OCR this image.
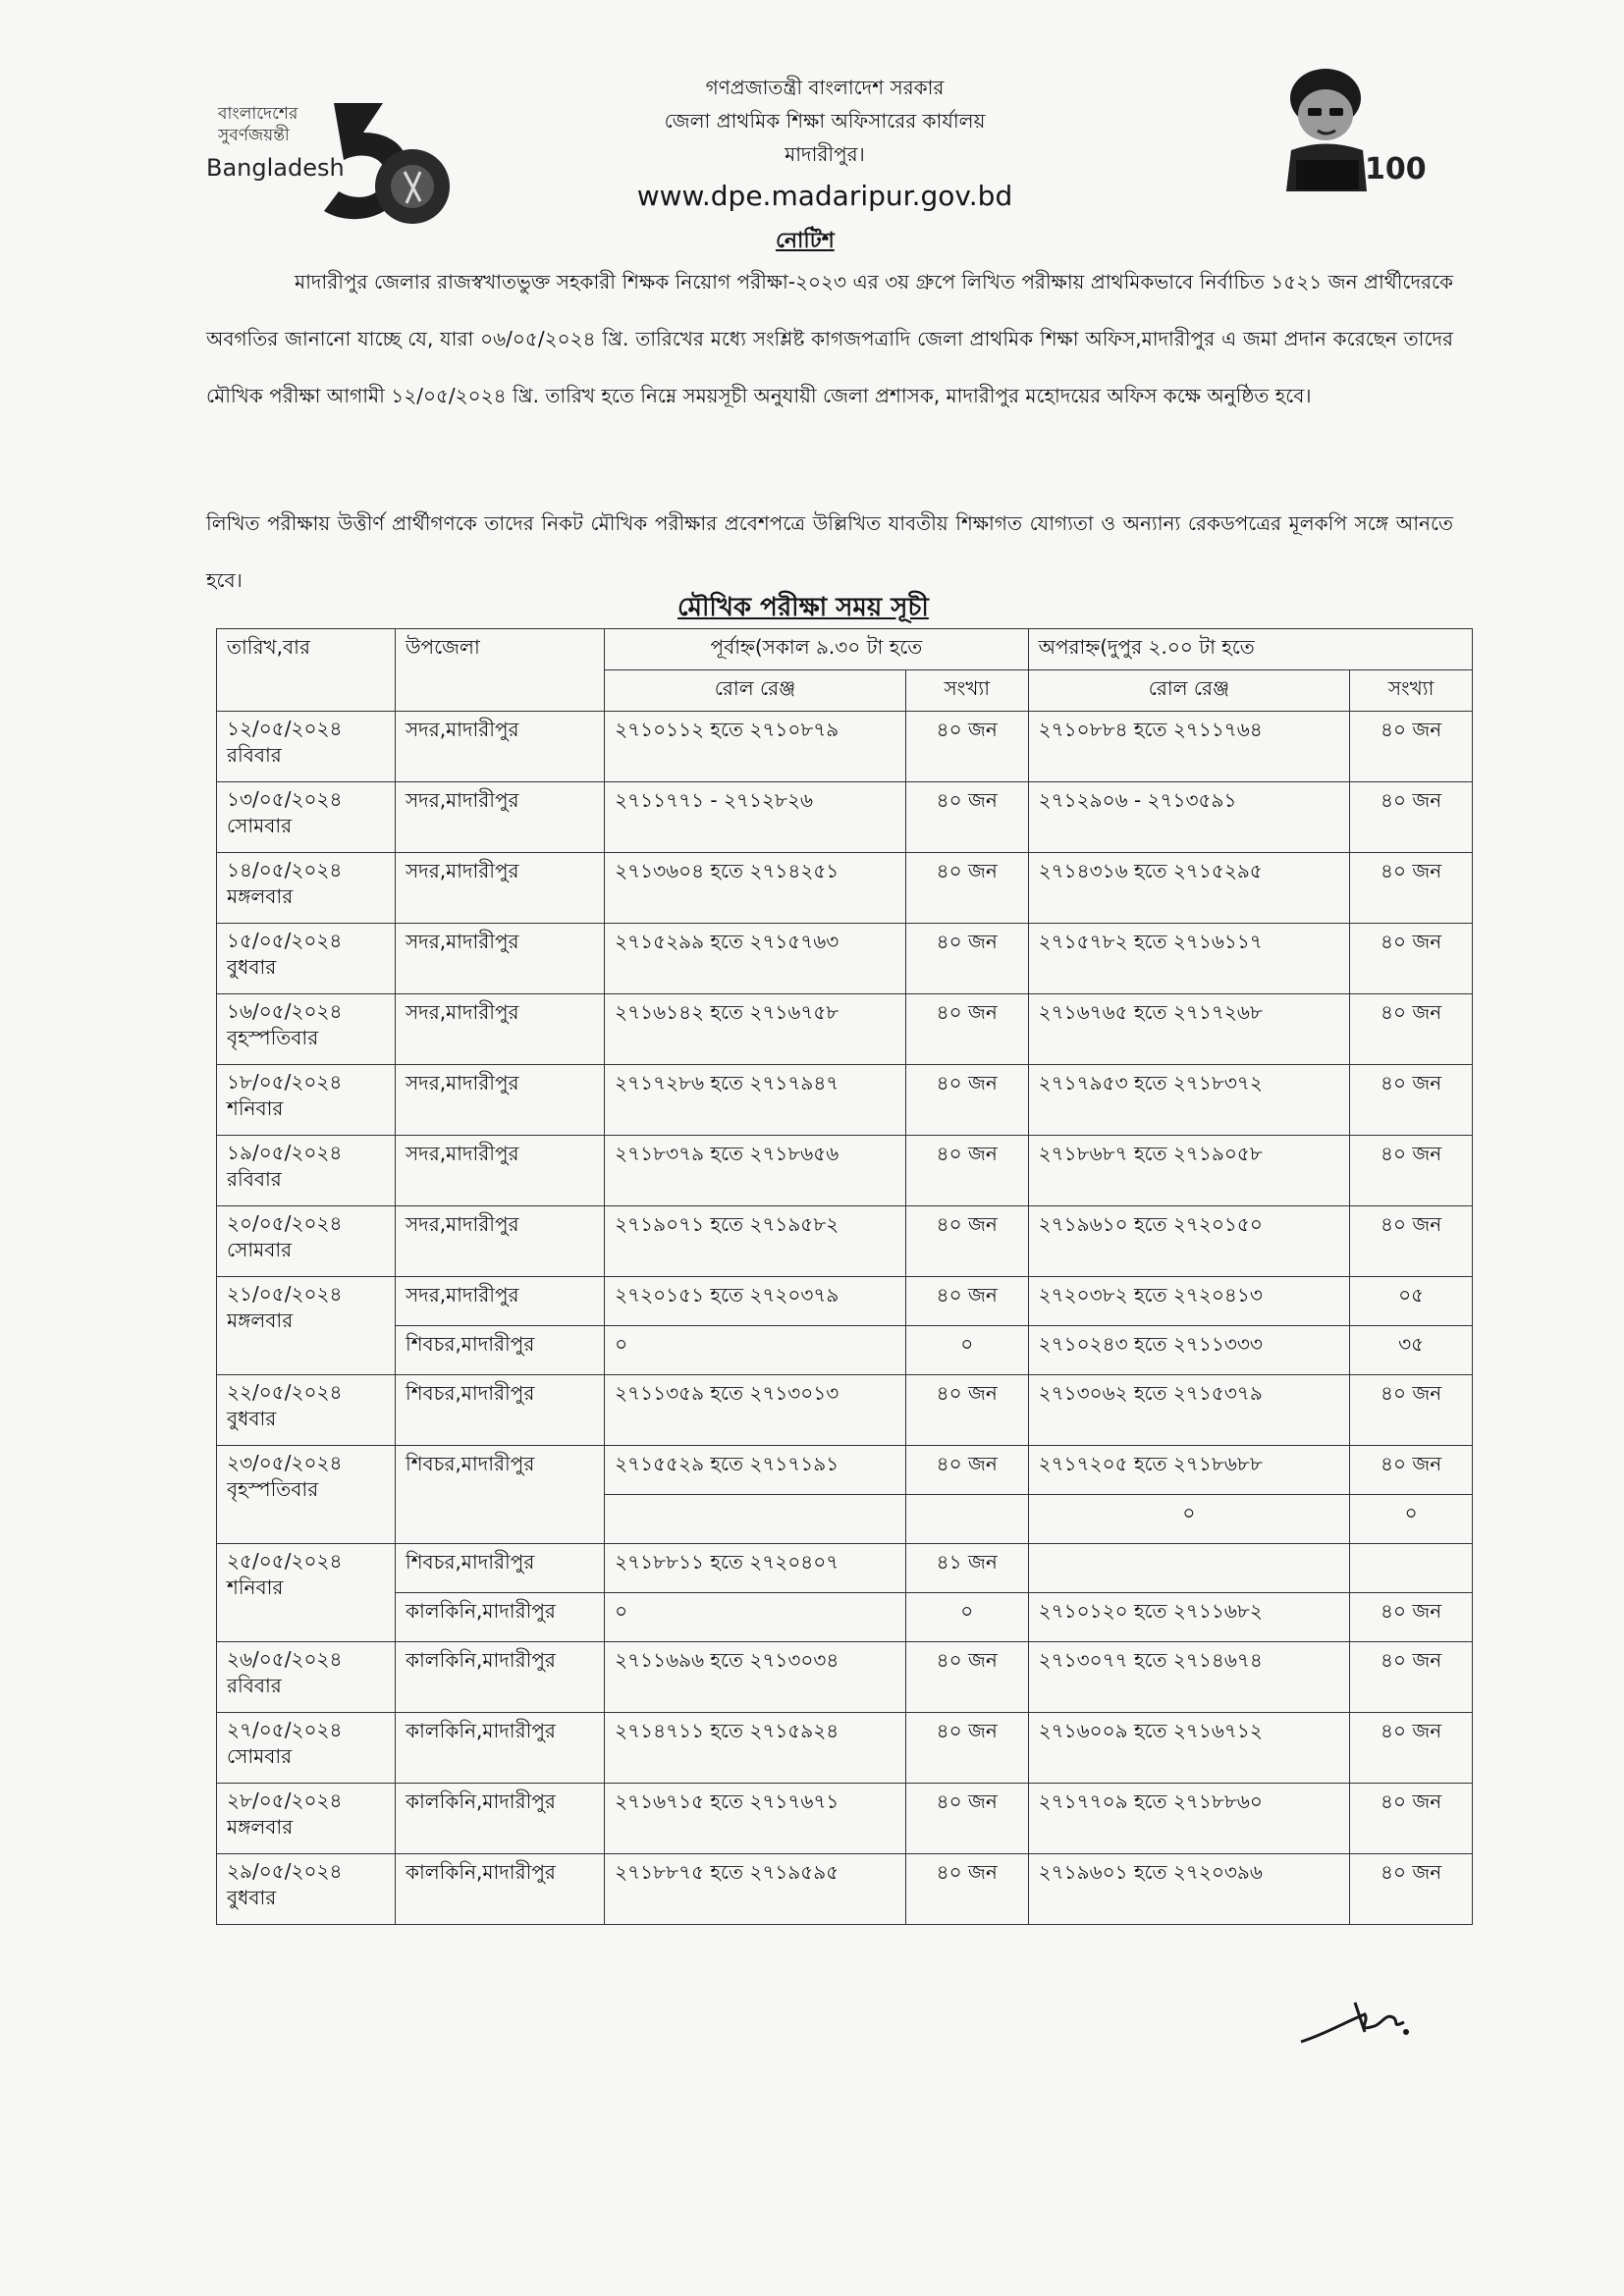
বাংলাদেশের
সুবর্ণজয়ন্তী
Bangladesh
গণপ্রজাতন্ত্রী বাংলাদেশ সরকার
জেলা প্রাথমিক শিক্ষা অফিসারের কার্যালয়
মাদারীপুর।
www.dpe.madaripur.gov.bd
100
নোটিশ
মাদারীপুর জেলার রাজস্বখাতভুক্ত সহকারী শিক্ষক নিয়োগ পরীক্ষা-২০২৩ এর ৩য় গ্রুপে লিখিত পরীক্ষায় প্রাথমিকভাবে নির্বাচিত ১৫২১ জন প্রার্থীদেরকে অবগতির জানানো যাচ্ছে যে, যারা ০৬/০৫/২০২৪ খ্রি. তারিখের মধ্যে সংশ্লিষ্ট কাগজপত্রাদি জেলা প্রাথমিক শিক্ষা অফিস,মাদারীপুর এ জমা প্রদান করেছেন তাদের মৌখিক পরীক্ষা আগামী ১২/০৫/২০২৪ খ্রি. তারিখ হতে নিম্নে সময়সূচী অনুযায়ী জেলা প্রশাসক, মাদারীপুর মহোদয়ের অফিস কক্ষে অনুষ্ঠিত হবে।
লিখিত পরীক্ষায় উত্তীর্ণ প্রার্থীগণকে তাদের নিকট মৌখিক পরীক্ষার প্রবেশপত্রে উল্লিখিত যাবতীয় শিক্ষাগত যোগ্যতা ও অন্যান্য রেকডপত্রের মূলকপি সঙ্গে আনতে হবে।
মৌখিক পরীক্ষা সময় সূচী
তারিখ,বার	উপজেলা	পূর্বাহ্ন(সকাল ৯.৩০ টা হতে		অপরাহ্ন(দুপুর ২.০০ টা হতে	
		রোল রেঞ্জ	সংখ্যা	রোল রেঞ্জ	সংখ্যা

১২/০৫/২০২৪
রবিবার	সদর,মাদারীপুর	২৭১০১১২ হতে ২৭১০৮৭৯	৪০ জন	২৭১০৮৮৪ হতে ২৭১১৭৬৪	৪০ জন

১৩/০৫/২০২৪
সোমবার	সদর,মাদারীপুর	২৭১১৭৭১ - ২৭১২৮২৬	৪০ জন	২৭১২৯০৬ - ২৭১৩৫৯১	৪০ জন

১৪/০৫/২০২৪
মঙ্গলবার	সদর,মাদারীপুর	২৭১৩৬০৪ হতে ২৭১৪২৫১	৪০ জন	২৭১৪৩১৬ হতে ২৭১৫২৯৫	৪০ জন

১৫/০৫/২০২৪
বুধবার	সদর,মাদারীপুর	২৭১৫২৯৯ হতে ২৭১৫৭৬৩	৪০ জন	২৭১৫৭৮২ হতে ২৭১৬১১৭	৪০ জন

১৬/০৫/২০২৪
বৃহস্পতিবার	সদর,মাদারীপুর	২৭১৬১৪২ হতে ২৭১৬৭৫৮	৪০ জন	২৭১৬৭৬৫ হতে ২৭১৭২৬৮	৪০ জন

১৮/০৫/২০২৪
শনিবার	সদর,মাদারীপুর	২৭১৭২৮৬ হতে ২৭১৭৯৪৭	৪০ জন	২৭১৭৯৫৩ হতে ২৭১৮৩৭২	৪০ জন

১৯/০৫/২০২৪
রবিবার	সদর,মাদারীপুর	২৭১৮৩৭৯ হতে ২৭১৮৬৫৬	৪০ জন	২৭১৮৬৮৭ হতে ২৭১৯০৫৮	৪০ জন

২০/০৫/২০২৪
সোমবার	সদর,মাদারীপুর	২৭১৯০৭১ হতে ২৭১৯৫৮২	৪০ জন	২৭১৯৬১০ হতে ২৭২০১৫০	৪০ জন

২১/০৫/২০২৪
মঙ্গলবার	সদর,মাদারীপুর	২৭২০১৫১ হতে ২৭২০৩৭৯	৪০ জন	২৭২০৩৮২ হতে ২৭২০৪১৩	০৫
	শিবচর,মাদারীপুর	০	০	২৭১০২৪৩ হতে ২৭১১৩৩৩	৩৫

২২/০৫/২০২৪
বুধবার	শিবচর,মাদারীপুর	২৭১১৩৫৯ হতে ২৭১৩০১৩	৪০ জন	২৭১৩০৬২ হতে ২৭১৫৩৭৯	৪০ জন

২৩/০৫/২০২৪
বৃহস্পতিবার	শিবচর,মাদারীপুর	২৭১৫৫২৯ হতে ২৭১৭১৯১	৪০ জন	২৭১৭২০৫ হতে ২৭১৮৬৮৮	৪০ জন
				০	০

২৫/০৫/২০২৪
শনিবার	শিবচর,মাদারীপুর	২৭১৮৮১১ হতে ২৭২০৪০৭	৪১ জন		
	কালকিনি,মাদারীপুর	০	০	২৭১০১২০ হতে ২৭১১৬৮২	৪০ জন

২৬/০৫/২০২৪
রবিবার	কালকিনি,মাদারীপুর	২৭১১৬৯৬ হতে ২৭১৩০৩৪	৪০ জন	২৭১৩০৭৭ হতে ২৭১৪৬৭৪	৪০ জন

২৭/০৫/২০২৪
সোমবার	কালকিনি,মাদারীপুর	২৭১৪৭১১ হতে ২৭১৫৯২৪	৪০ জন	২৭১৬০০৯ হতে ২৭১৬৭১২	৪০ জন

২৮/০৫/২০২৪
মঙ্গলবার	কালকিনি,মাদারীপুর	২৭১৬৭১৫ হতে ২৭১৭৬৭১	৪০ জন	২৭১৭৭০৯ হতে ২৭১৮৮৬০	৪০ জন

২৯/০৫/২০২৪
বুধবার	কালকিনি,মাদারীপুর	২৭১৮৮৭৫ হতে ২৭১৯৫৯৫	৪০ জন	২৭১৯৬০১ হতে ২৭২০৩৯৬	৪০ জন
